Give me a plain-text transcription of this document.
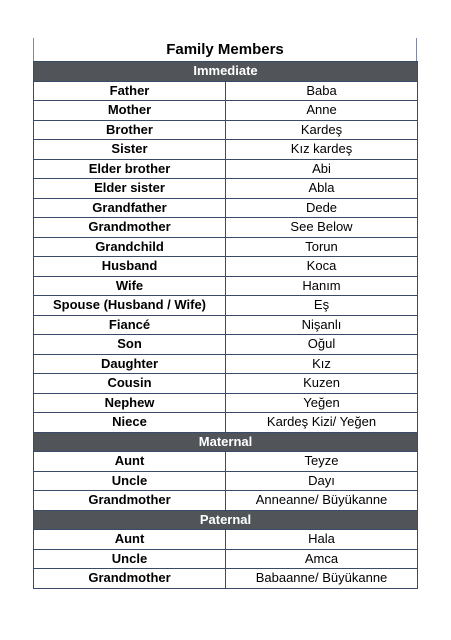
Family Members
Immediate	
Father	Baba
Mother	Anne
Brother	Kardeş
Sister	Kız kardeş
Elder brother	Abi
Elder sister	Abla
Grandfather	Dede
Grandmother	See Below
Grandchild	Torun
Husband	Koca
Wife	Hanım
Spouse (Husband / Wife)	Eş
Fiancé	Nişanlı
Son	Oğul
Daughter	Kız
Cousin	Kuzen
Nephew	Yeğen
Niece	Kardeş Kizi/ Yeğen
Maternal	
Aunt	Teyze
Uncle	Dayı
Grandmother	Anneanne/ Büyükanne
Paternal	
Aunt	Hala
Uncle	Amca
Grandmother	Babaanne/ Büyükanne
